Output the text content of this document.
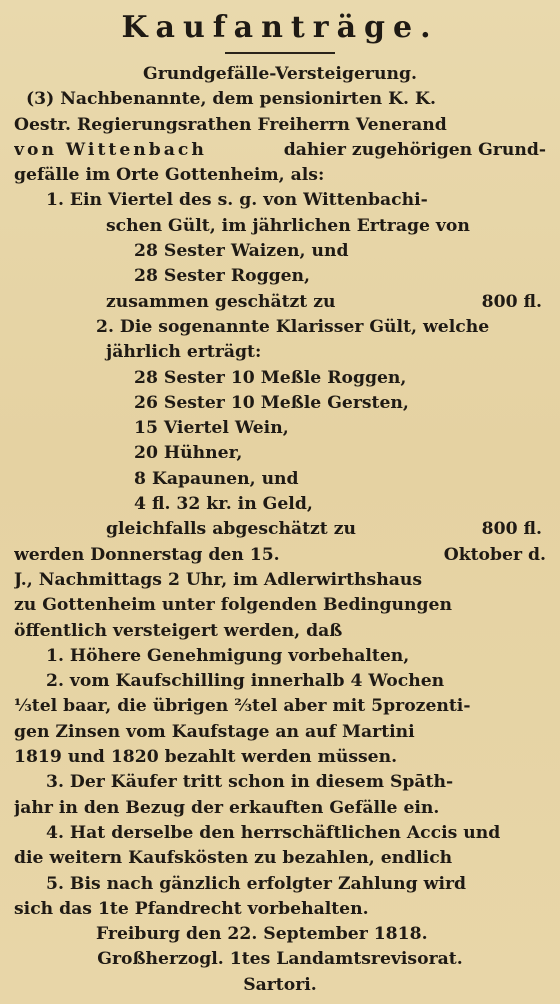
Kaufanträge.
Grundgefälle-Versteigerung.
(3) Nachbenannte, dem pensionirten K. K.
Oestr. Regierungsrathen Freiherrn Venerand
von Wittenbach	dahier zugehörigen Grund-
gefälle im Orte Gottenheim, als:
1. Ein Viertel des s. g. von Wittenbachi-
schen Gült, im jährlichen Ertrage von
28 Sester Waizen, und
28 Sester Roggen,
zusammen geschätzt zu	800 fl.
2. Die sogenannte Klarisser Gült, welche
jährlich erträgt:
28 Sester 10 Meßle Roggen,
26 Sester 10 Meßle Gersten,
15 Viertel Wein,
20 Hühner,
8 Kapaunen, und
4 fl. 32 kr. in Geld,
gleichfalls abgeschätzt zu	800 fl.
werden Donnerstag den 15.	Oktober d.
J., Nachmittags 2 Uhr, im Adlerwirthshaus
zu Gottenheim unter folgenden Bedingungen
öffentlich versteigert werden, daß
1. Höhere Genehmigung vorbehalten,
2. vom Kaufschilling innerhalb 4 Wochen
⅓tel baar, die übrigen ⅔tel aber mit 5prozenti-
gen Zinsen vom Kaufstage an auf Martini
1819 und 1820 bezahlt werden müssen.
3. Der Käufer tritt schon in diesem Spāth-
jahr in den Bezug der erkauften Gefälle ein.
4. Hat derselbe den herrschäftlichen Accis und
die weitern Kaufskösten zu bezahlen, endlich
5. Bis nach gänzlich erfolgter Zahlung wird
sich das 1te Pfandrecht vorbehalten.
Freiburg den 22. September 1818.
Großherzogl. 1tes Landamtsrevisorat.
Sartori.
